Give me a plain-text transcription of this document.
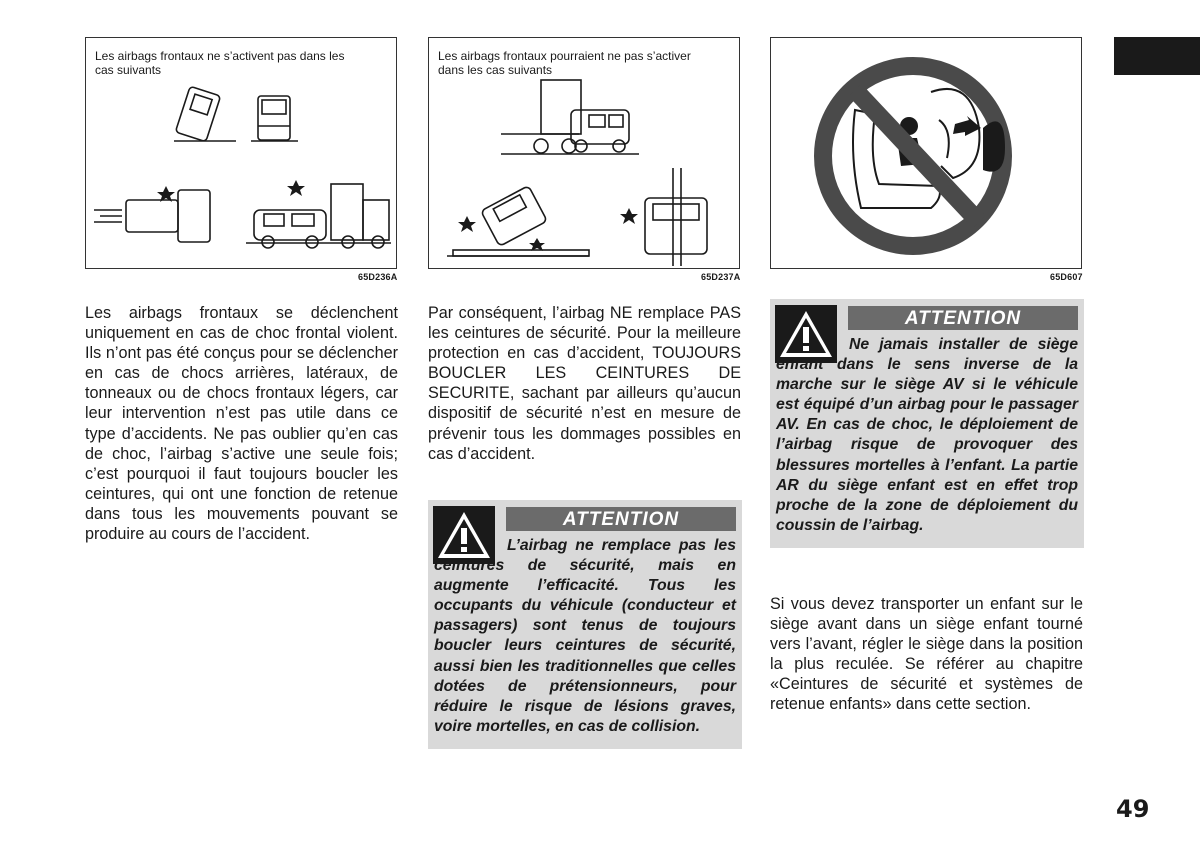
Les airbags frontaux ne s’activent pas dans les
cas suivants
65D236A
Les airbags frontaux pourraient ne pas s’activer
dans les cas suivants
65D237A	65D607
Les airbags frontaux se déclenchent uniquement en cas de choc frontal violent. Ils n’ont pas été conçus pour se déclencher en cas de chocs arrières, latéraux, de tonneaux ou de chocs frontaux légers, car leur intervention n’est pas utile dans ce type d’accidents. Ne pas oublier qu’en cas de choc, l’airbag s’active une seule fois; c’est pourquoi il faut toujours boucler les ceintures, qui ont une fonction de retenue dans tous les mouvements pouvant se produire au cours de l’accident.
Par conséquent, l’airbag NE remplace PAS les ceintures de sécurité. Pour la meilleure protection en cas d’accident, TOUJOURS BOUCLER LES CEINTURES DE SECURITE, sachant par ailleurs qu’aucun dispositif de sécurité n’est en mesure de prévenir tous les dommages possibles en cas d’accident.
ATTENTION
L’airbag ne remplace pas les ceintures de sécurité, mais en augmente l’efficacité. Tous les occupants du véhicule (conducteur et passagers) sont tenus de toujours boucler leurs ceintures de sécurité, aussi bien les traditionnelles que celles dotées de prétensionneurs, pour réduire le risque de lésions graves, voire mortelles, en cas de collision.
ATTENTION
Ne jamais installer de siège enfant dans le sens inverse de la marche sur le siège AV si le véhicule est équipé d’un airbag pour le passager AV. En cas de choc, le déploiement de l’airbag risque de provoquer des blessures mortelles à l’enfant. La partie AR du siège enfant est en effet trop proche de la zone de déploiement du coussin de l’airbag.
Si vous devez transporter un enfant sur le siège avant dans un siège enfant tourné vers l’avant, régler le siège dans la position la plus reculée. Se référer au chapitre «Ceintures de sécurité et systèmes de retenue enfants» dans cette section.
49
